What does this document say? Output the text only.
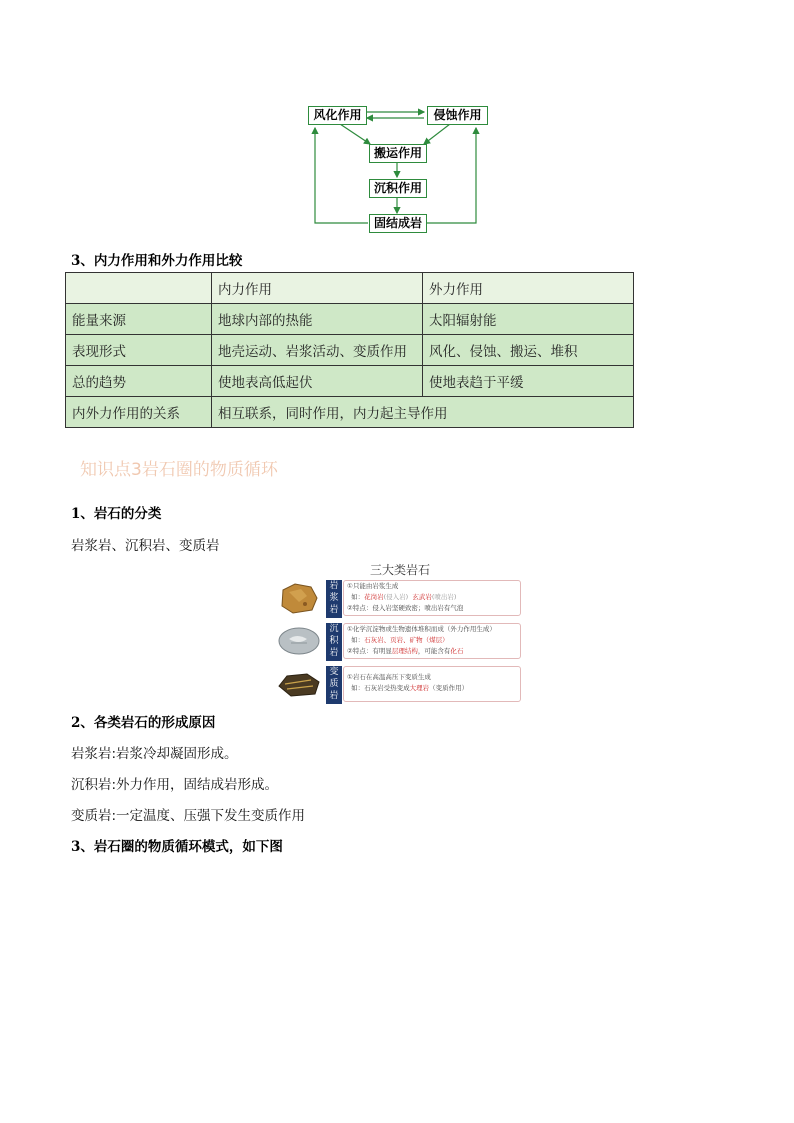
风化作用	侵蚀作用
搬运作用
沉积作用
固结成岩
3、内力作用和外力作用比较
	内力作用	外力作用
能量来源	地球内部的热能	太阳辐射能
表现形式	地壳运动、岩浆活动、变质作用	风化、侵蚀、搬运、堆积
总的趋势	使地表高低起伏	使地表趋于平缓
内外力作用的关系	相互联系，同时作用，内力起主导作用	
知识点3岩石圈的物质循环
1、岩石的分类
岩浆岩、沉积岩、变质岩
三大类岩石
岩
浆
岩
①只能由岩浆生成
如：花岗岩(侵入岩) 玄武岩(喷出岩)
②特点：侵入岩坚硬致密；喷出岩有气泡
沉
积
岩
①化学沉淀物或生物遗体堆积而成（外力作用生成）
如：石灰岩、页岩、矿物（煤层）
②特点：有明显层理结构，可能含有化石
变
质
岩
①岩石在高温高压下变质生成
如：石灰岩受热变成大理岩（变质作用）
2、各类岩石的形成原因
岩浆岩:岩浆冷却凝固形成。
沉积岩:外力作用，固结成岩形成。
变质岩:一定温度、压强下发生变质作用
3、岩石圈的物质循环模式，如下图
